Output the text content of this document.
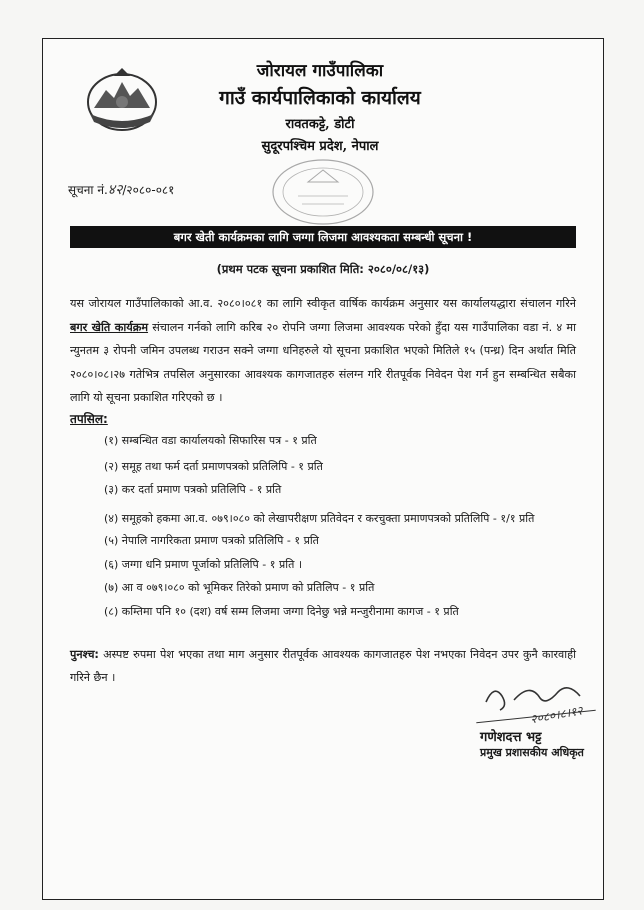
जोरायल गाउँपालिका
गाउँ कार्यपालिकाको कार्यालय
रावतकट्टे, डोटी
सुदूरपश्चिम प्रदेश, नेपाल
सूचना नं.४२/२०८०-०८१
बगर खेती कार्यक्रमका लागि जग्गा लिजमा आवश्यकता सम्बन्धी सूचना !
(प्रथम पटक सूचना प्रकाशित मिति: २०८०/०८/१३)
यस जोरायल गाउँपालिकाको आ.व. २०८०।०८१ का लागि स्वीकृत वार्षिक कार्यक्रम अनुसार यस कार्यालयद्धारा संचालन गरिने बगर खेति कार्यक्रम संचालन गर्नको लागि करिब २० रोपनि जग्गा लिजमा आवश्यक परेको हुँदा यस गाउँपालिका वडा नं. ४ मा न्युनतम ३ रोपनी जमिन उपलब्ध गराउन सक्ने जग्गा धनिहरुले यो सूचना प्रकाशित भएको मितिले १५ (पन्ध्र) दिन अर्थात मिति २०८०।०८।२७ गतेभित्र तपसिल अनुसारका आवश्यक कागजातहरु संलग्न गरि रीतपूर्वक निवेदन पेश गर्न हुन सम्बन्धित सबैका लागि यो सूचना प्रकाशित गरिएको छ ।
तपसिल:
(१) सम्बन्धित वडा कार्यालयको सिफारिस पत्र - १ प्रति
(२) समूह तथा फर्म दर्ता प्रमाणपत्रको प्रतिलिपि - १ प्रति
(३) कर दर्ता प्रमाण पत्रको प्रतिलिपि - १ प्रति
(४) समूहको हकमा आ.व. ०७९।०८० को लेखापरीक्षण प्रतिवेदन र करचुक्ता प्रमाणपत्रको प्रतिलिपि - १/१ प्रति
(५) नेपालि नागरिकता प्रमाण पत्रको प्रतिलिपि - १ प्रति
(६) जग्गा धनि प्रमाण पूर्जाको प्रतिलिपि - १ प्रति ।
(७) आ व ०७९।०८० को भूमिकर तिरेको प्रमाण को प्रतिलिप - १ प्रति
(८) कम्तिमा पनि १० (दश) वर्ष सम्म लिजमा जग्गा दिनेछु भन्ने मन्जुरीनामा कागज - १ प्रति
पुनश्च: अस्पष्ट रुपमा पेश भएका तथा माग अनुसार रीतपूर्वक आवश्यक कागजातहरु पेश नभएका निवेदन उपर कुनै कारवाही गरिने छैन ।
२०८०।८।१२
गणेशदत्त भट्ट
प्रमुख प्रशासकीय अधिकृत
